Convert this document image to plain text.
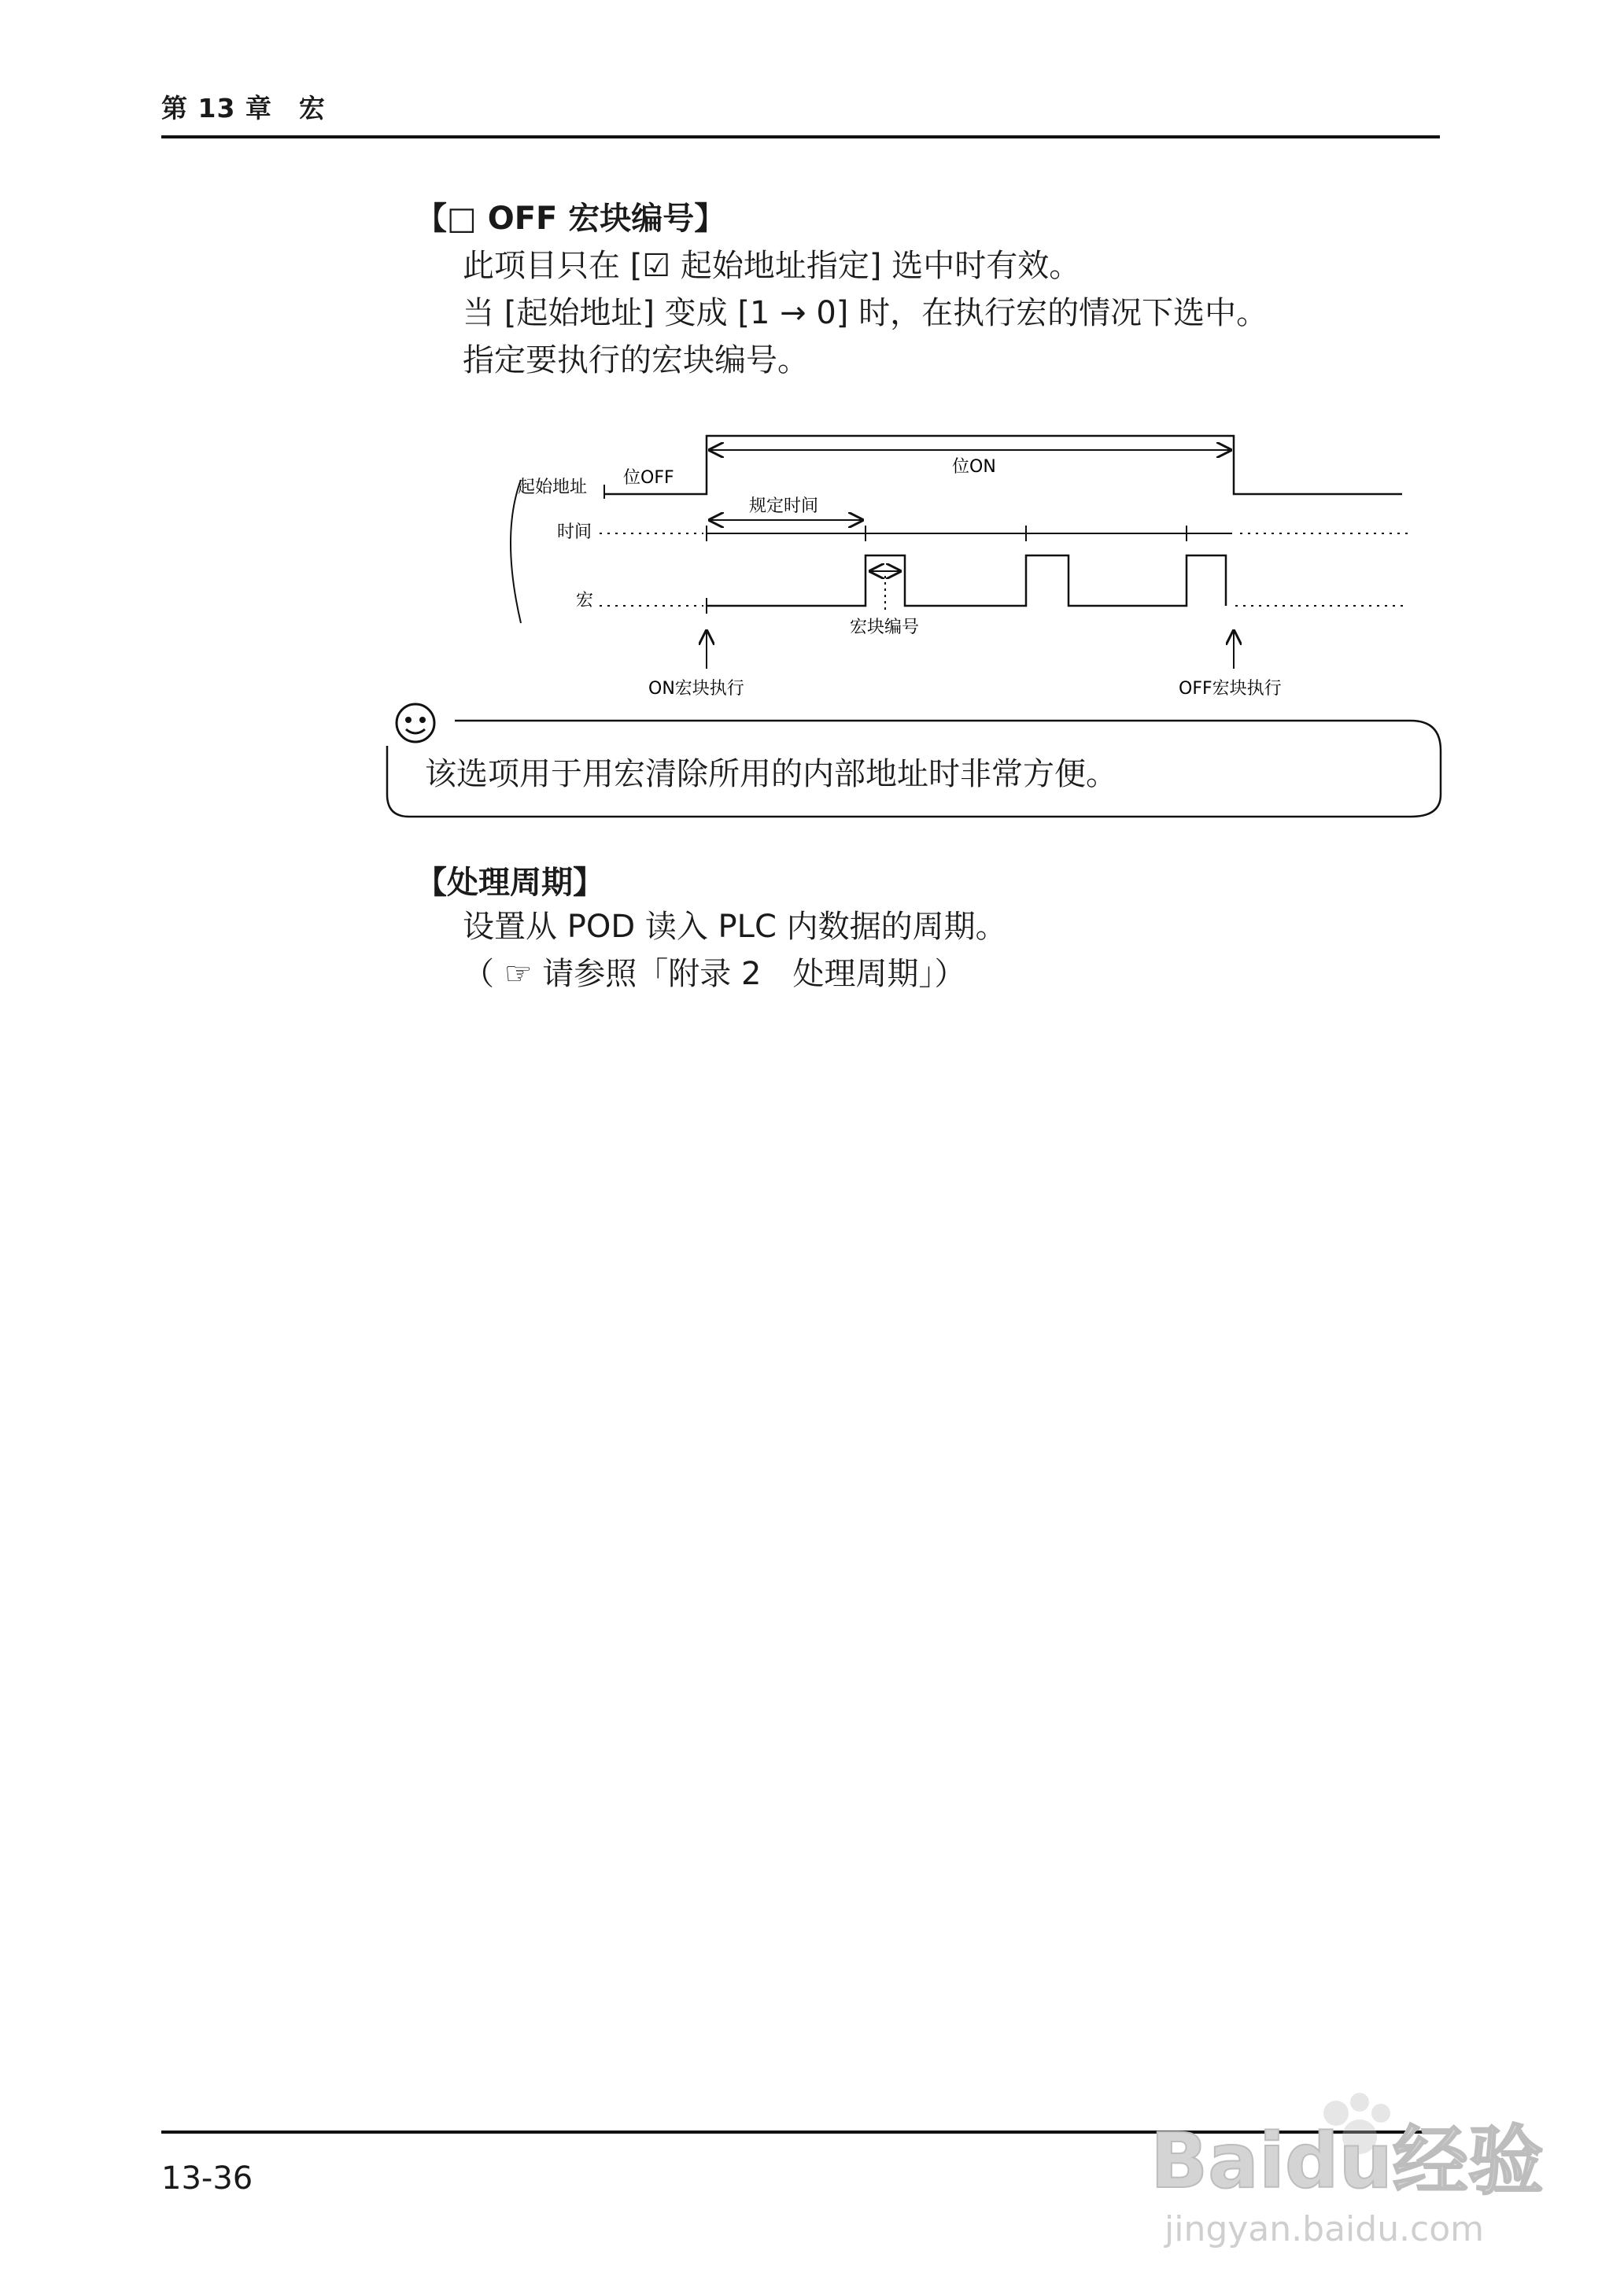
第 13 章　宏
【□ OFF 宏块编号】
此项目只在 [☑ 起始地址指定] 选中时有效。
当 [起始地址] 变成 [1 → 0] 时，在执行宏的情况下选中。
指定要执行的宏块编号。
起始地址
时间
宏
位OFF
位ON
规定时间
宏块编号
ON宏块执行	OFF宏块执行
该选项用于用宏清除所用的内部地址时非常方便。
【处理周期】
设置从 POD 读入 PLC 内数据的周期。
（ ☞ 请参照「附录 2　处理周期」）
13-36	Baidu经验
jingyan.baidu.com
